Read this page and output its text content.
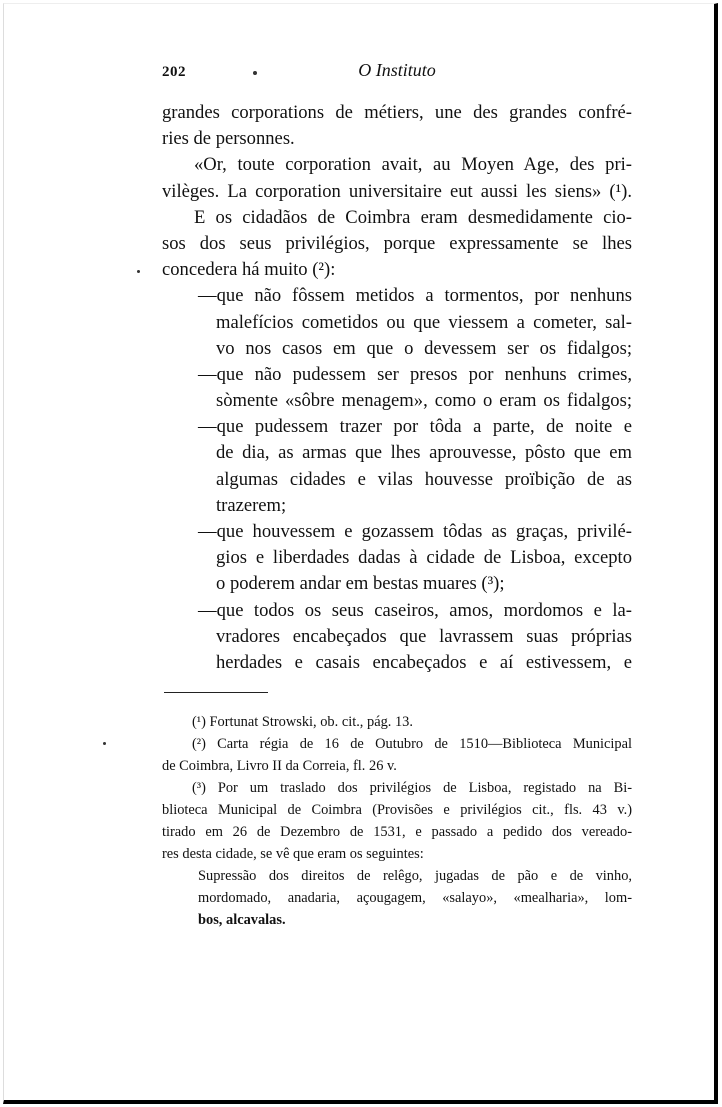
202	O Instituto
grandes corporations de métiers, une des grandes confré-
ries de personnes.
«Or, toute corporation avait, au Moyen Age, des pri-
vilèges. La corporation universitaire eut aussi les siens» (¹).
E os cidadãos de Coimbra eram desmedidamente cio-
sos dos seus privilégios, porque expressamente se lhes
concedera há muito (²):
—que não fôssem metidos a tormentos, por nenhuns
malefícios cometidos ou que viessem a cometer, sal-
vo nos casos em que o devessem ser os fidalgos;
—que não pudessem ser presos por nenhuns crimes,
sòmente «sôbre menagem», como o eram os fidalgos;
—que pudessem trazer por tôda a parte, de noite e
de dia, as armas que lhes aprouvesse, pôsto que em
algumas cidades e vilas houvesse proïbição de as
trazerem;
—que houvessem e gozassem tôdas as graças, privilé-
gios e liberdades dadas à cidade de Lisboa, excepto
o poderem andar em bestas muares (³);
—que todos os seus caseiros, amos, mordomos e la-
vradores encabeçados que lavrassem suas próprias
herdades e casais encabeçados e aí estivessem, e
(¹) Fortunat Strowski, ob. cit., pág. 13.
(²) Carta régia de 16 de Outubro de 1510—Biblioteca Municipal
de Coimbra, Livro II da Correia, fl. 26 v.
(³) Por um traslado dos privilégios de Lisboa, registado na Bi-
blioteca Municipal de Coimbra (Provisões e privilégios cit., fls. 43 v.)
tirado em 26 de Dezembro de 1531, e passado a pedido dos vereado-
res desta cidade, se vê que eram os seguintes:
Supressão dos direitos de relêgo, jugadas de pão e de vinho,
mordomado, anadaria, açougagem, «salayo», «mealharia», lom-
bos, alcavalas.
